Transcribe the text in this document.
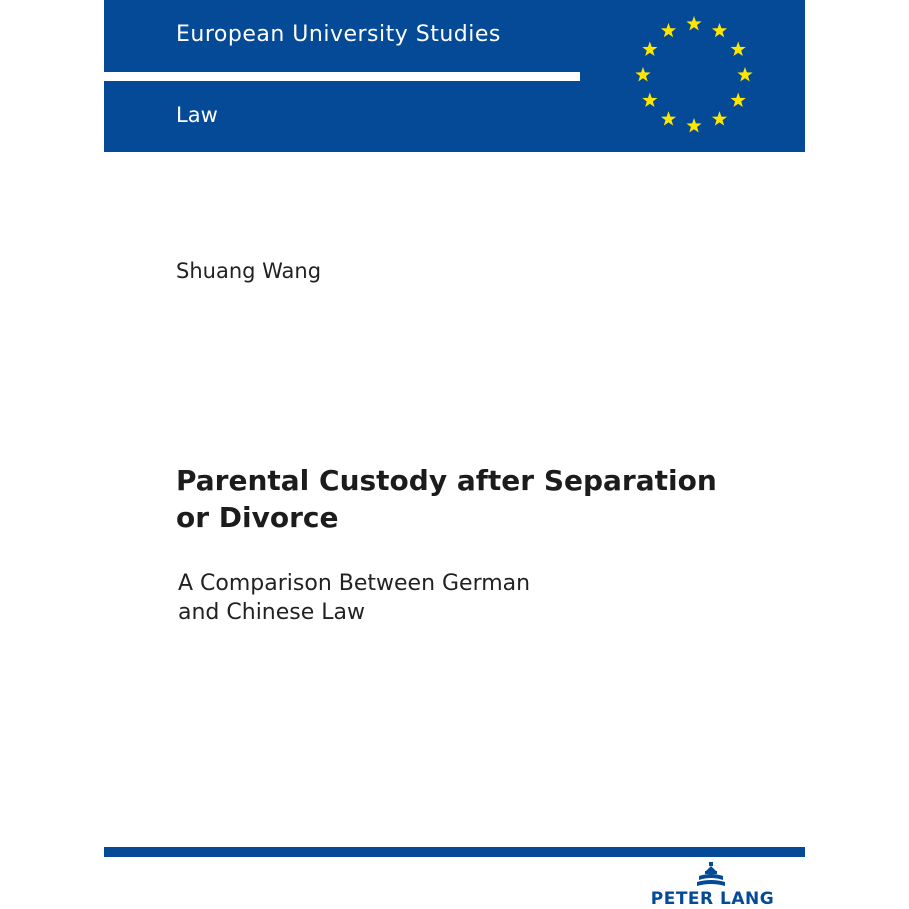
European University Studies
Law
Shuang Wang
Parental Custody after Separation
or Divorce
A Comparison Between German
and Chinese Law
PETER LANG
